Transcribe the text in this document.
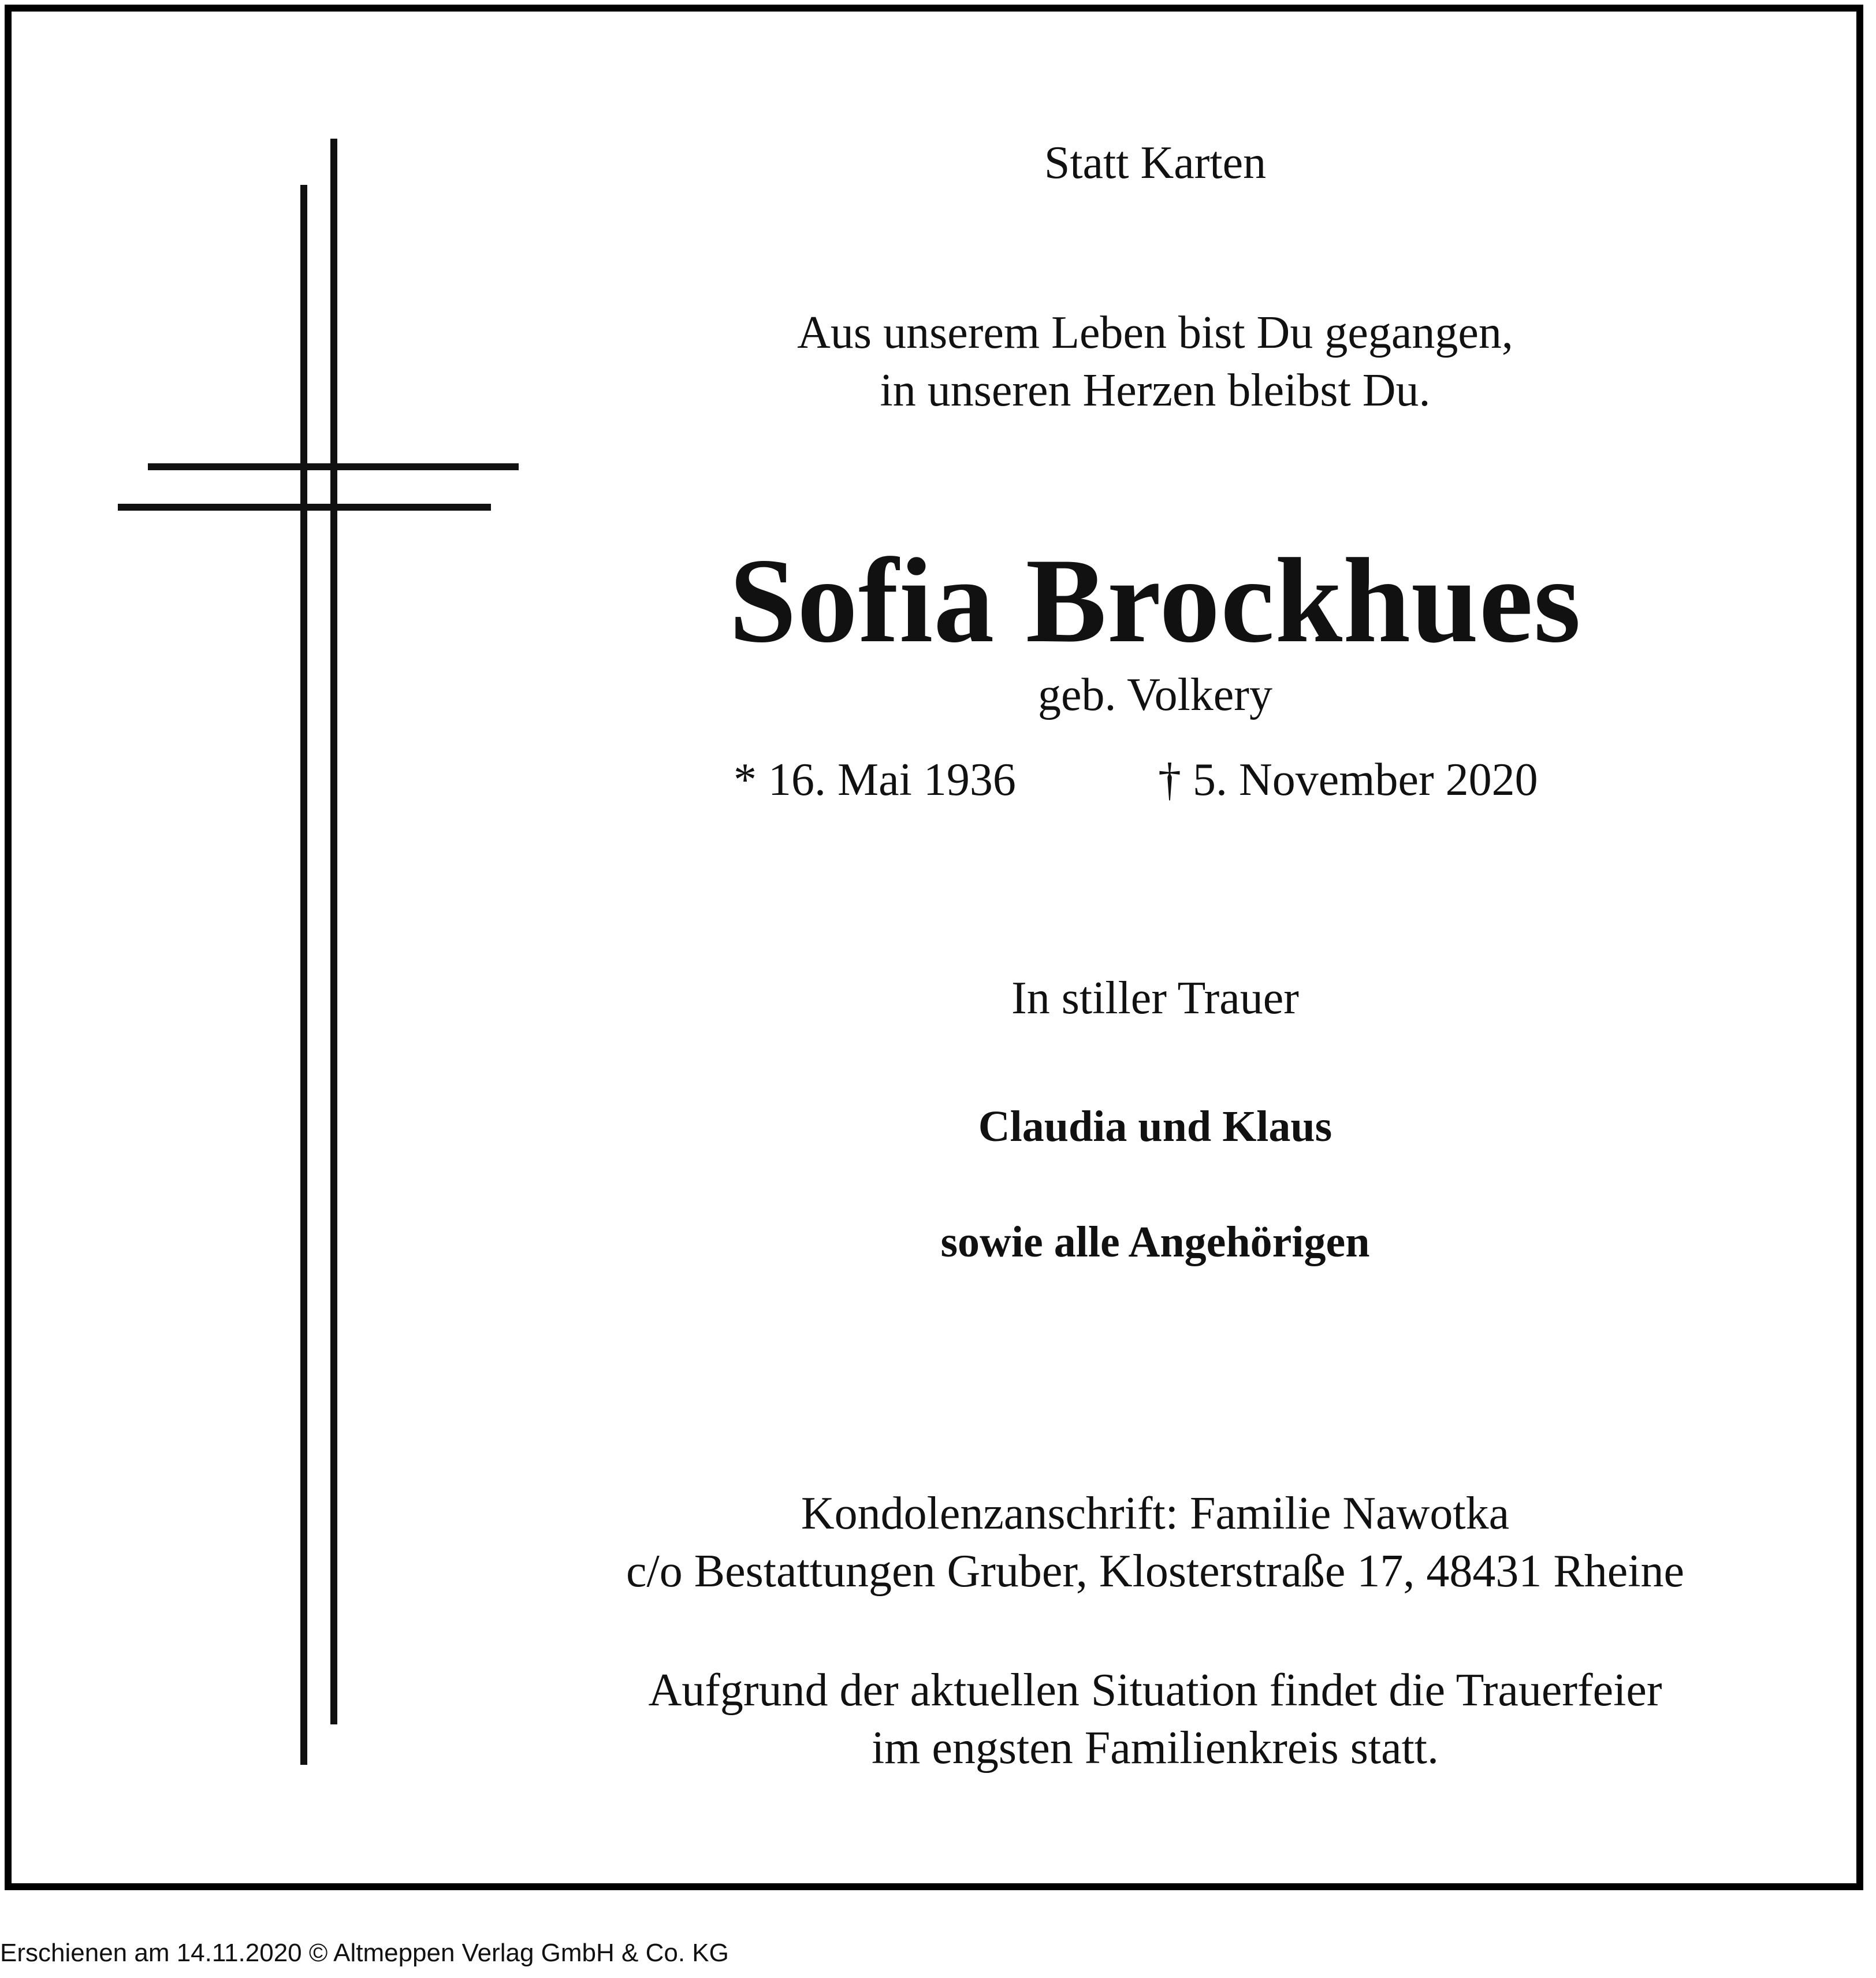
Statt Karten
Aus unserem Leben bist Du gegangen,
in unseren Herzen bleibst Du.
Sofia Brockhues
geb. Volkery
* 16. Mai 1936	† 5. November 2020
In stiller Trauer
Claudia und Klaus
sowie alle Angehörigen
Kondolenzanschrift: Familie Nawotka
c/o Bestattungen Gruber, Klosterstraße 17, 48431 Rheine
Aufgrund der aktuellen Situation findet die Trauerfeier
im engsten Familienkreis statt.
Erschienen am 14.11.2020 © Altmeppen Verlag GmbH & Co. KG
